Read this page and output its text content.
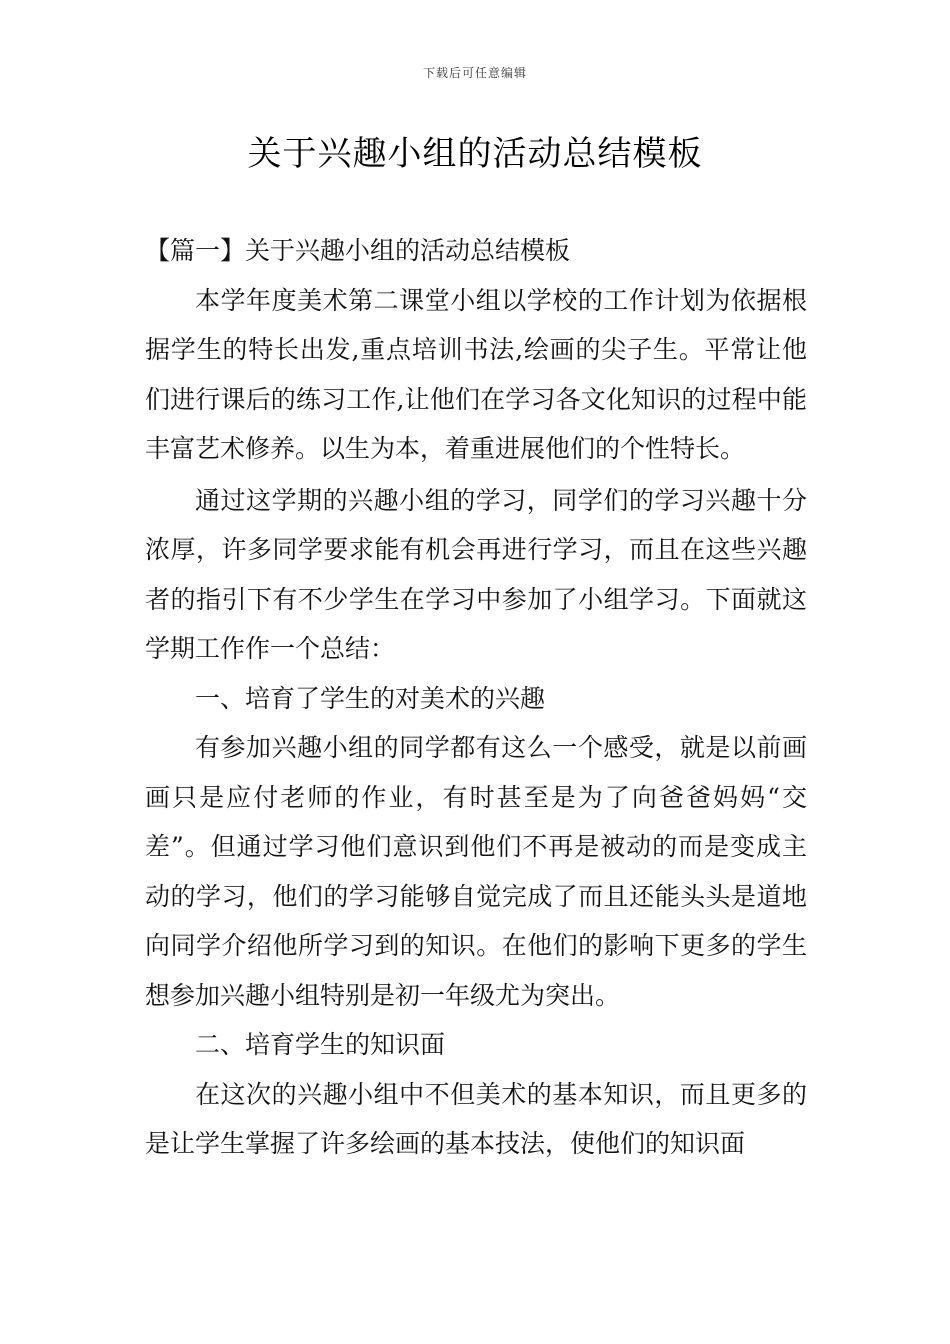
下载后可任意编辑
关于兴趣小组的活动总结模板

【篇一】关于兴趣小组的活动总结模板

本学年度美术第二课堂小组以学校的工作计划为依据根据学生的特长出发,重点培训书法,绘画的尖子生。平常让他们进行课后的练习工作,让他们在学习各文化知识的过程中能丰富艺术修养。以生为本，着重进展他们的个性特长。

通过这学期的兴趣小组的学习，同学们的学习兴趣十分浓厚，许多同学要求能有机会再进行学习，而且在这些兴趣者的指引下有不少学生在学习中参加了小组学习。下面就这学期工作作一个总结：

一、培育了学生的对美术的兴趣

有参加兴趣小组的同学都有这么一个感受，就是以前画画只是应付老师的作业，有时甚至是为了向爸爸妈妈“交差”。但通过学习他们意识到他们不再是被动的而是变成主动的学习，他们的学习能够自觉完成了而且还能头头是道地向同学介绍他所学习到的知识。在他们的影响下更多的学生想参加兴趣小组特别是初一年级尤为突出。

二、培育学生的知识面

在这次的兴趣小组中不但美术的基本知识，而且更多的是让学生掌握了许多绘画的基本技法，使他们的知识面
